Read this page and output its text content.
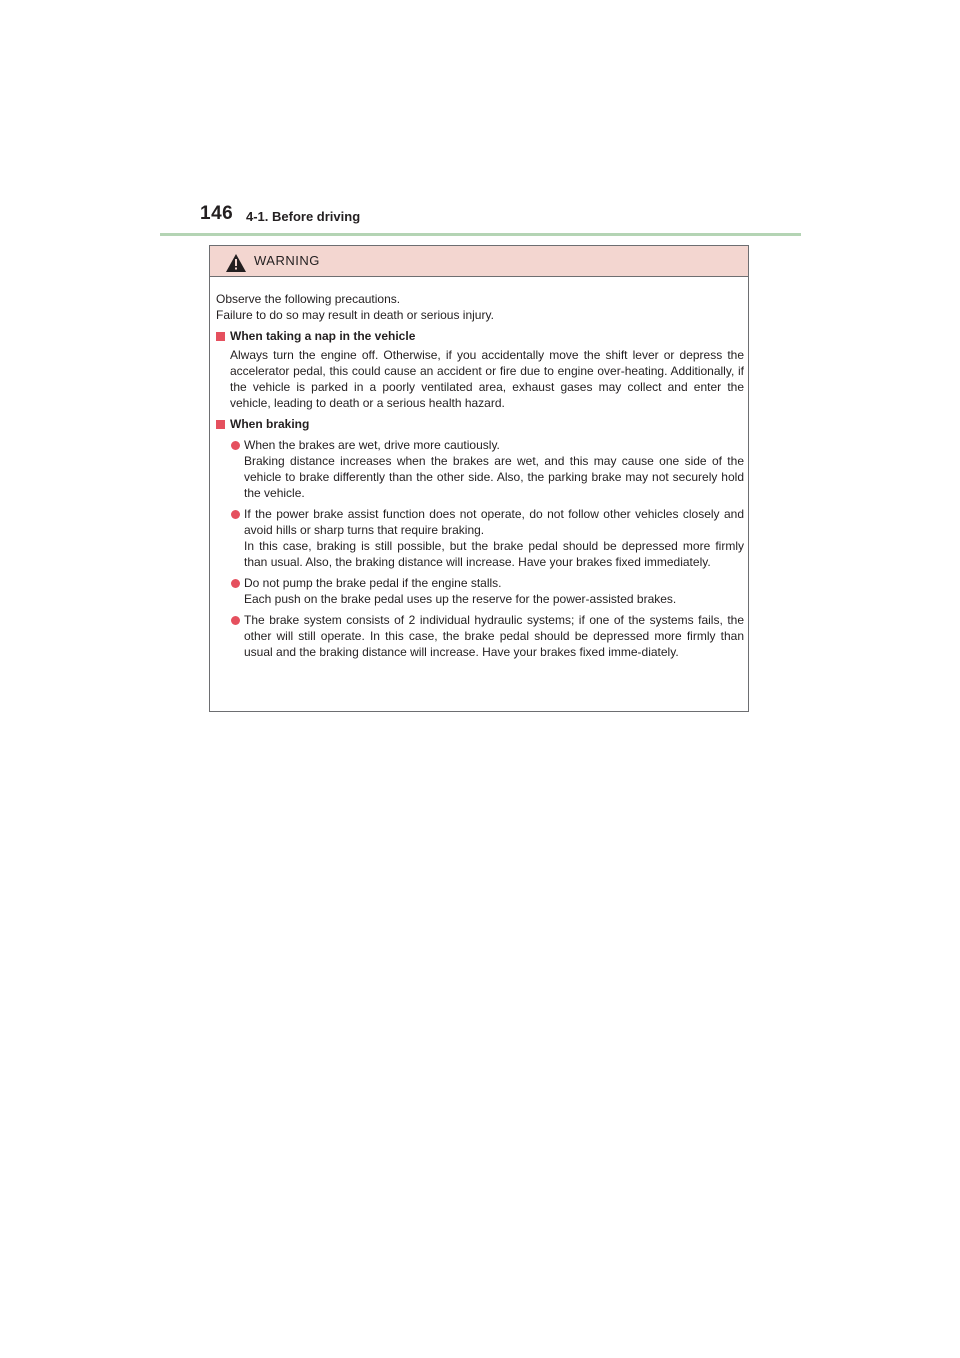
146 4-1. Before driving
WARNING

Observe the following precautions.

Failure to do so may result in death or serious injury.

When taking a nap in the vehicle

Always turn the engine off. Otherwise, if you accidentally move the shift lever or depress the accelerator pedal, this could cause an accident or fire due to engine over-heating. Additionally, if the vehicle is parked in a poorly ventilated area, exhaust gases may collect and enter the vehicle, leading to death or a serious health hazard.

When braking

When the brakes are wet, drive more cautiously.

Braking distance increases when the brakes are wet, and this may cause one side of the vehicle to brake differently than the other side. Also, the parking brake may not securely hold the vehicle.

If the power brake assist function does not operate, do not follow other vehicles closely and avoid hills or sharp turns that require braking.

In this case, braking is still possible, but the brake pedal should be depressed more firmly than usual. Also, the braking distance will increase. Have your brakes fixed immediately.

Do not pump the brake pedal if the engine stalls.

Each push on the brake pedal uses up the reserve for the power-assisted brakes.

The brake system consists of 2 individual hydraulic systems; if one of the systems fails, the other will still operate. In this case, the brake pedal should be depressed more firmly than usual and the braking distance will increase. Have your brakes fixed imme-diately.
